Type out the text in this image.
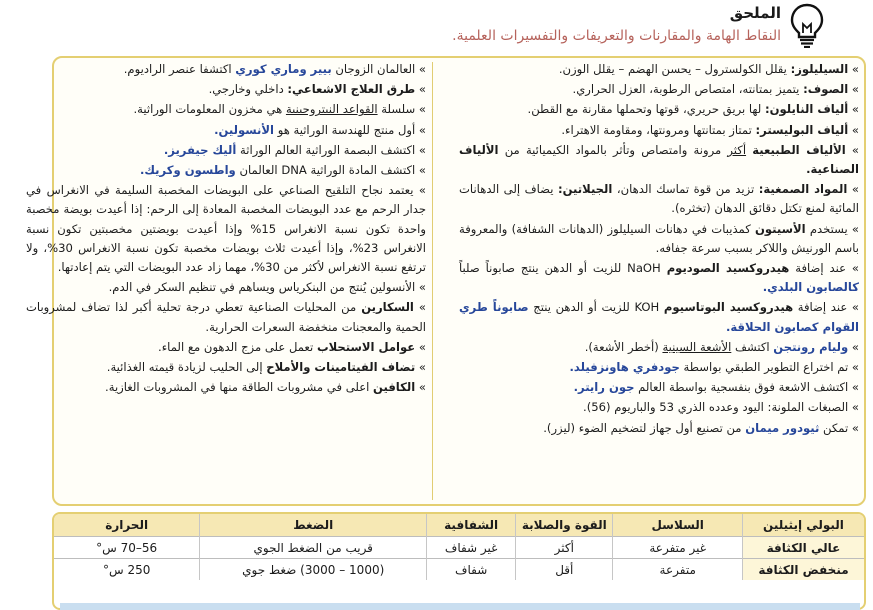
الملحق
النقاط الهامة والمقارنات والتعريفات والتفسيرات العلمية.

» السيليلوز: يقلل الكولسترول – يحسن الهضم – يقلل الوزن.

» الصوف: يتميز بمتانته، امتصاص الرطوبة، العزل الحراري.

» ألياف النايلون: لها بريق حريري، قوتها وتحملها مقارنة مع القطن.

» ألياف البوليستر: تمتاز بمتانتها ومرونتها، ومقاومة الاهتراء.

» الألياف الطبيعية أكثر مرونة وامتصاص وتأثر بالمواد الكيميائية من الألياف الصناعية.

» المواد الصمغية: تزيد من قوة تماسك الدهان، الجيلاتين: يضاف إلى الدهانات المائية لمنع تكتل دقائق الدهان (تخثره).

» يستخدم الأسيتون كمذيبات في دهانات السيليلوز (الدهانات الشفافة) والمعروفة باسم الورنيش واللاكر بسبب سرعة جفافه.

» عند إضافة هيدروكسيد الصوديوم NaOH للزيت أو الدهن ينتج صابوناً صلباً كالصابون البلدي.

» عند إضافة هيدروكسيد البوتاسيوم KOH للزيت أو الدهن ينتج صابوناً طري القوام كصابون الحلاقة.

» وليام رونتجن اكتشف الأشعة السينية (أخطر الأشعة).

» تم اختراع التطوير الطبقي بواسطة جودفري هاونزفيلد.

» اكتشف الاشعة فوق بنفسجية بواسطة العالم جون رايتر.

» الصبغات الملونة: اليود وعدده الذري 53 والباريوم (56).

» تمكن ثيودور ميمان من تصنيع أول جهاز لتضخيم الضوء (ليزر).

» العالمان الزوجان بيير وماري كوري اكتشفا عنصر الراديوم.

» طرق العلاج الاشعاعي: داخلي وخارجي.

» سلسلة القواعد النيتروجينية هي مخزون المعلومات الوراثية.

» أول منتج للهندسة الوراثية هو الأنسولين.

» اكتشف البصمة الوراثية العالم الوراثة أليك جيفريز.

» اكتشف المادة الوراثية DNA العالمان واطسون وكريك.

» يعتمد نجاح التلقيح الصناعي على البويضات المخصبة السليمة في الانغراس في جدار الرحم مع عدد البويضات المخصبة المعادة إلى الرحم: إذا أعيدت بويضة مخصبة واحدة تكون نسبة الانغراس 15% وإذا أعيدت بويضتين مخصبتين تكون نسبة الانغراس 23%، وإذا أعيدت ثلاث بويضات مخصبة تكون نسبة الانغراس 30%، ولا ترتفع نسبة الانغراس لأكثر من 30%، مهما زاد عدد البويضات التي يتم إعادتها.

» الأنسولين يُنتج من البنكرياس ويساهم في تنظيم السكر في الدم.

» السكارين من المحليات الصناعية تعطي درجة تحلية أكبر لذا تضاف لمشروبات الحمية والمعجنات منخفضة السعرات الحرارية.

» عوامل الاستحلاب تعمل على مزج الدهون مع الماء.

» تضاف الفيتامينات والأملاح إلى الحليب لزيادة قيمته الغذائية.

» الكافين اعلى في مشروبات الطاقة منها في المشروبات الغازية.

البولي إيثيلين	السلاسل	القوة والصلابة	الشفافية	الضغط	الحرارة
عالي الكثافة	غير متفرعة	أكثر	غير شفاف	قريب من الضغط الجوي	56–70 س°
منخفض الكثافة	متفرعة	أقل	شفاف	(1000 – 3000) ضغط جوي	250 س°
